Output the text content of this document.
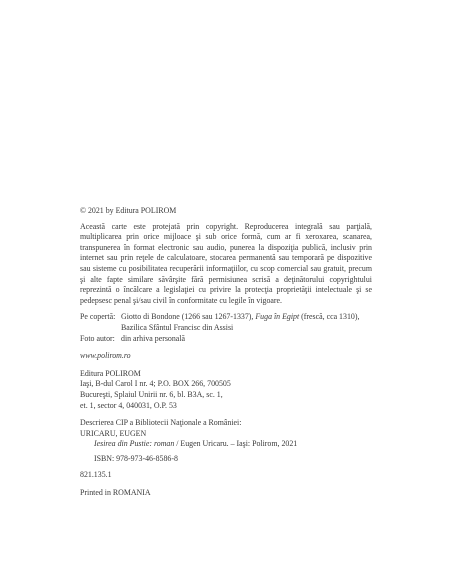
© 2021 by Editura POLIROM

Această carte este protejată prin copyright. Reproducerea integrală sau parţială, multiplicarea prin orice mijloace şi sub orice formă, cum ar fi xeroxarea, scanarea, transpunerea în format electronic sau audio, punerea la dispoziţia publică, inclusiv prin internet sau prin reţele de calculatoare, stocarea permanentă sau temporară pe dispozitive sau sisteme cu posibilitatea recuperării informaţiilor, cu scop comercial sau gratuit, precum şi alte fapte similare săvârşite fără permisiunea scrisă a deţinătorului copyrightului reprezintă o încălcare a legislaţiei cu privire la protecţia proprietăţii intelectuale şi se pedepsesc penal şi/sau civil în conformitate cu legile în vigoare.

Pe copertă: Giotto di Bondone (1266 sau 1267-1337), Fuga în Egipt (frescă, cca 1310), Bazilica Sfântul Francisc din Assisi
Foto autor: din arhiva personală

www.polirom.ro

Editura POLIROM
Iaşi, B-dul Carol I nr. 4; P.O. BOX 266, 700505
Bucureşti, Splaiul Unirii nr. 6, bl. B3A, sc. 1,
et. 1, sector 4, 040031, O.P. 53
Descrierea CIP a Bibliotecii Naţionale a României:
URICARU, EUGEN
Iesirea din Pustie: roman / Eugen Uricaru. – Iaşi: Polirom, 2021
ISBN: 978-973-46-8586-8

821.135.1

Printed in ROMANIA
